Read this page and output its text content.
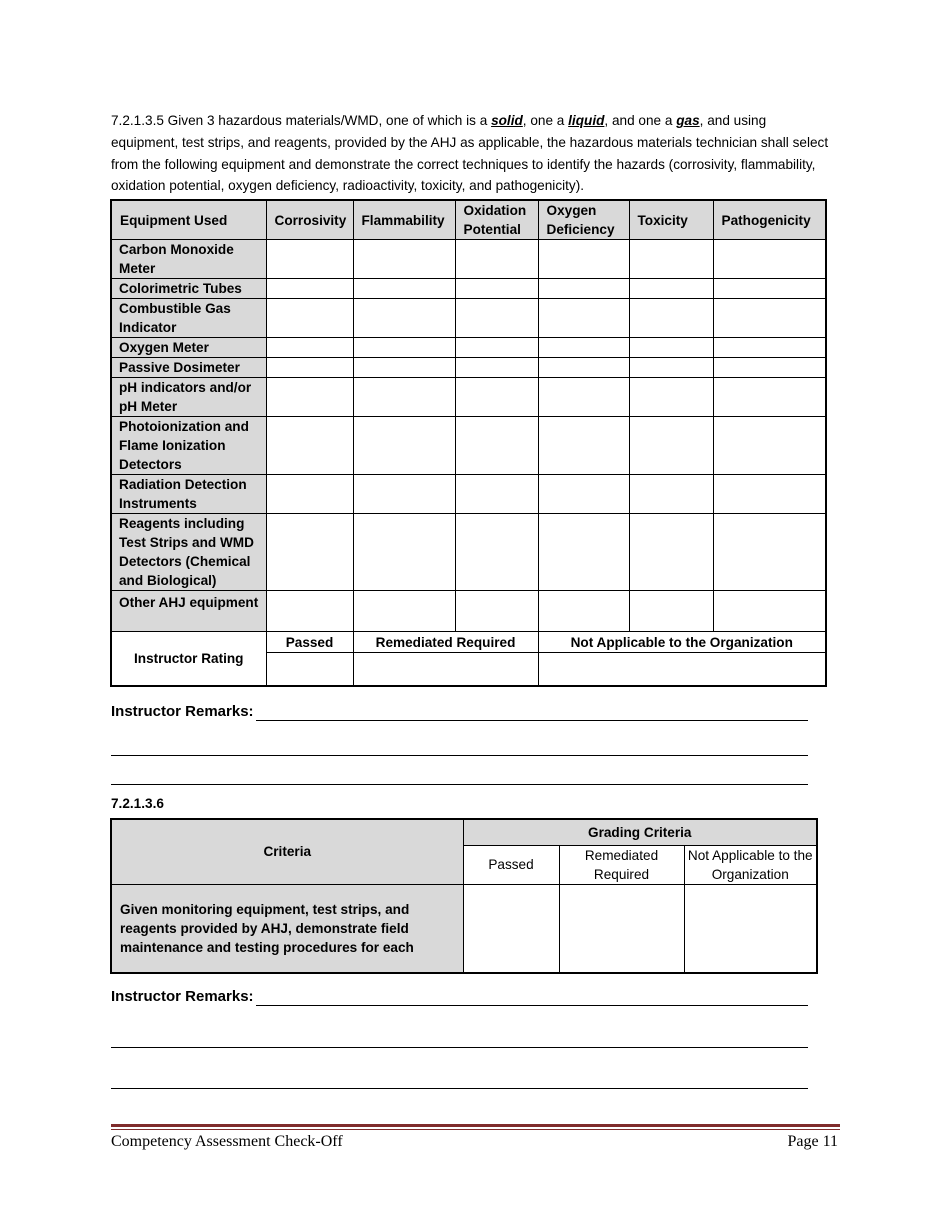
7.2.1.3.5 Given 3 hazardous materials/WMD, one of which is a solid, one a liquid, and one a gas, and using equipment, test strips, and reagents, provided by the AHJ as applicable, the hazardous materials technician shall select from the following equipment and demonstrate the correct techniques to identify the hazards (corrosivity, flammability, oxidation potential, oxygen deficiency, radioactivity, toxicity, and pathogenicity).
Equipment Used	Corrosivity	Flammability	Oxidation Potential	Oxygen Deficiency	Toxicity	Pathogenicity
Carbon Monoxide Meter						
Colorimetric Tubes						
Combustible Gas Indicator						
Oxygen Meter						
Passive Dosimeter						
pH indicators and/or pH Meter						
Photoionization and Flame Ionization Detectors						
Radiation Detection Instruments						
Reagents including Test Strips and WMD Detectors (Chemical and Biological)						
Other AHJ equipment						
Instructor Rating	Passed	Remediated Required		Not Applicable to the Organization		

Instructor Remarks:
7.2.1.3.6
Criteria	Grading Criteria		
	Passed	Remediated Required	Not Applicable to the Organization
Given monitoring equipment, test strips, and reagents provided by AHJ, demonstrate field maintenance and testing procedures for each			
Instructor Remarks:
Competency Assessment Check-Off	Page 11
